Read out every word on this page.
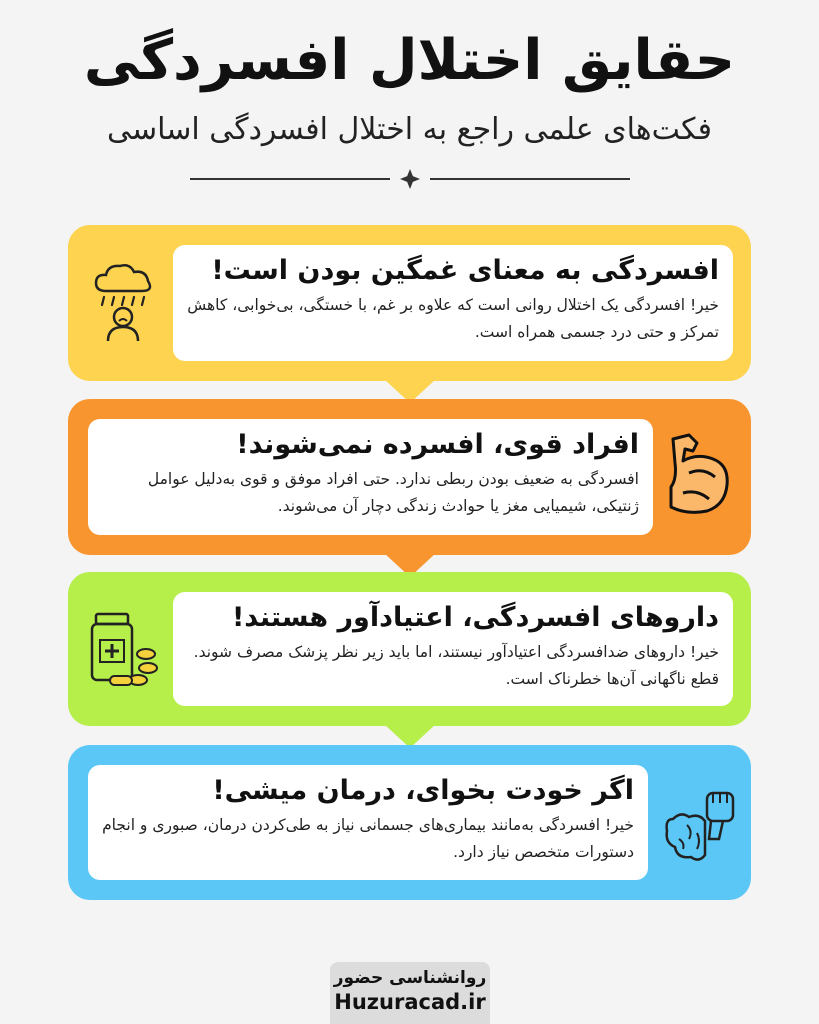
حقایق اختلال افسردگی
فکت‌های علمی راجع به اختلال افسردگی اساسی
افسردگی به معنای غمگین بودن است!

خیر! افسردگی یک اختلال روانی است که علاوه بر غم، با خستگی، بی‌خوابی، کاهش تمرکز و حتی درد جسمی همراه است.

افراد قوی، افسرده نمی‌شوند!

افسردگی به ضعیف بودن ربطی ندارد. حتی افراد موفق و قوی به‌دلیل عوامل ژنتیکی، شیمیایی مغز یا حوادث زندگی دچار آن می‌شوند.

داروهای افسردگی، اعتیادآور هستند!

خیر! داروهای ضدافسردگی اعتیادآور نیستند، اما باید زیر نظر پزشک مصرف شوند. قطع ناگهانی آن‌ها خطرناک است.

اگر خودت بخوای، درمان میشی!

خیر! افسردگی به‌مانند بیماری‌های جسمانی نیاز به طی‌کردن درمان، صبوری و انجام دستورات متخصص نیاز دارد.

روانشناسی حضور
Huzuracad.ir
